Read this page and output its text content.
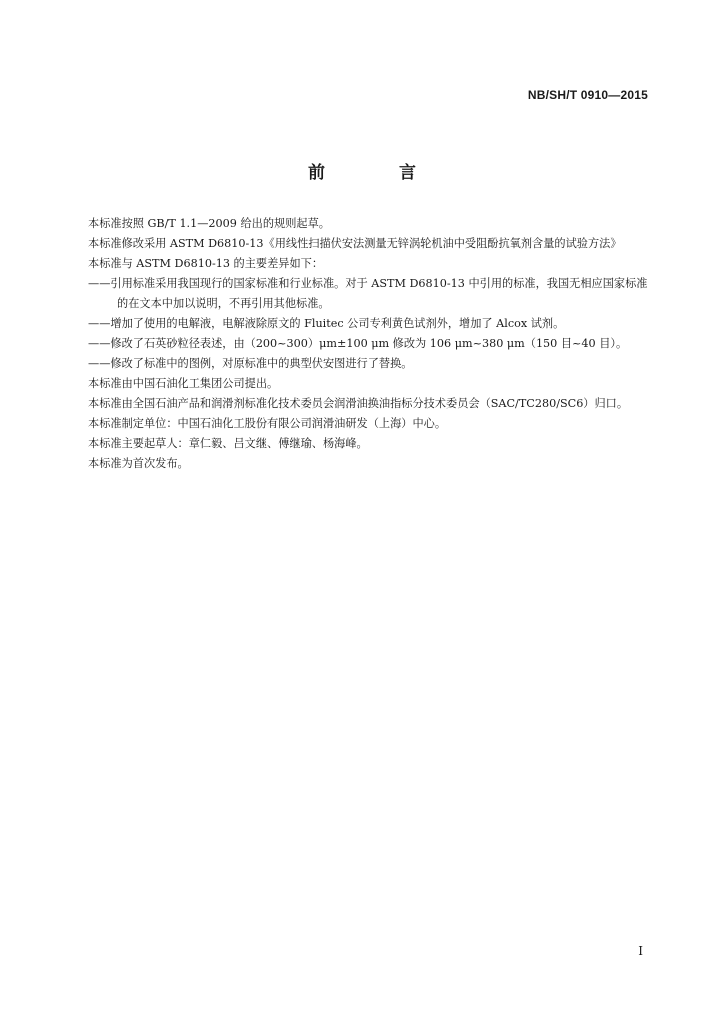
NB/SH/T 0910—2015
前 言

本标准按照 GB/T 1.1—2009 给出的规则起草。

本标准修改采用 ASTM D6810-13《用线性扫描伏安法测量无锌涡轮机油中受阻酚抗氧剂含量的试验方法》

本标准与 ASTM D6810-13 的主要差异如下：

——引用标准采用我国现行的国家标准和行业标准。对于 ASTM D6810-13 中引用的标准，我国无相应国家标准的在文本中加以说明，不再引用其他标准。

——增加了使用的电解液，电解液除原文的 Fluitec 公司专利黄色试剂外，增加了 Alcox 试剂。

——修改了石英砂粒径表述，由（200~300）μm±100 μm 修改为 106 μm~380 μm（150 目~40 目）。

——修改了标准中的图例，对原标准中的典型伏安图进行了替换。

本标准由中国石油化工集团公司提出。

本标准由全国石油产品和润滑剂标准化技术委员会润滑油换油指标分技术委员会（SAC/TC280/SC6）归口。

本标准制定单位：中国石油化工股份有限公司润滑油研发（上海）中心。

本标准主要起草人：章仁毅、吕文继、傅继瑜、杨海峰。

本标准为首次发布。

I
